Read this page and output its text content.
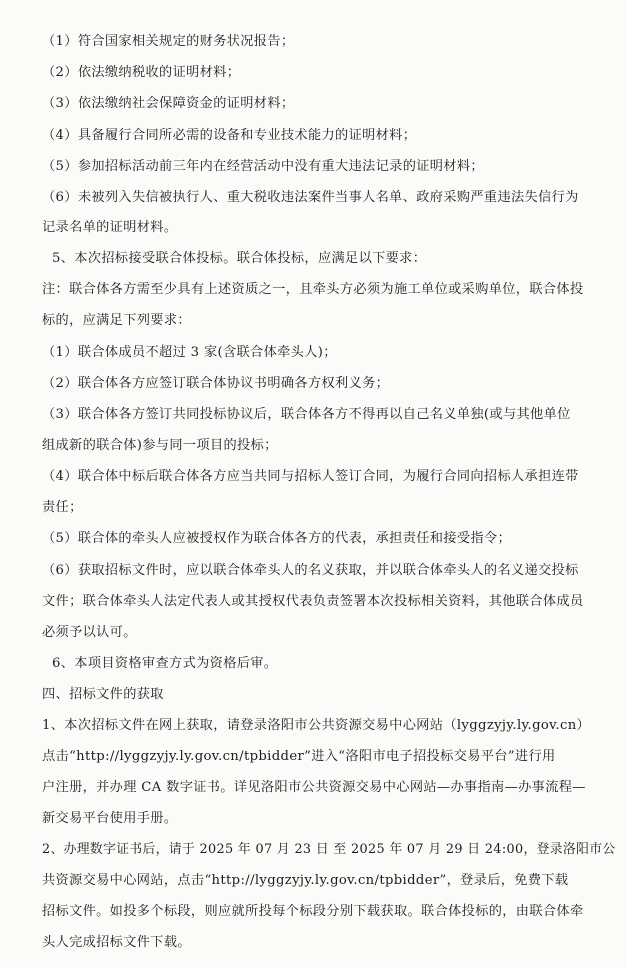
（1）符合国家相关规定的财务状况报告；

（2）依法缴纳税收的证明材料；

（3）依法缴纳社会保障资金的证明材料；

（4）具备履行合同所必需的设备和专业技术能力的证明材料；

（5）参加招标活动前三年内在经营活动中没有重大违法记录的证明材料；

（6）未被列入失信被执行人、重大税收违法案件当事人名单、政府采购严重违法失信行为

记录名单的证明材料。

5、本次招标接受联合体投标。联合体投标，应满足以下要求：

注：联合体各方需至少具有上述资质之一，且牵头方必须为施工单位或采购单位，联合体投

标的，应满足下列要求：

（1）联合体成员不超过 3 家(含联合体牵头人)；

（2）联合体各方应签订联合体协议书明确各方权利义务；

（3）联合体各方签订共同投标协议后，联合体各方不得再以自己名义单独(或与其他单位

组成新的联合体)参与同一项目的投标；

（4）联合体中标后联合体各方应当共同与招标人签订合同，为履行合同向招标人承担连带

责任；

（5）联合体的牵头人应被授权作为联合体各方的代表，承担责任和接受指令；

（6）获取招标文件时，应以联合体牵头人的名义获取，并以联合体牵头人的名义递交投标

文件；联合体牵头人法定代表人或其授权代表负责签署本次投标相关资料，其他联合体成员

必须予以认可。

6、本项目资格审查方式为资格后审。

四、招标文件的获取

1、本次招标文件在网上获取，请登录洛阳市公共资源交易中心网站（lyggzyjy.ly.gov.cn）

点击“http://lyggzyjy.ly.gov.cn/tpbidder”进入“洛阳市电子招投标交易平台”进行用

户注册，并办理 CA 数字证书。详见洛阳市公共资源交易中心网站—办事指南—办事流程—

新交易平台使用手册。

2、办理数字证书后，请于 2025 年 07 月 23 日 至 2025 年 07 月 29 日 24:00，登录洛阳市公

共资源交易中心网站，点击“http://lyggzyjy.ly.gov.cn/tpbidder”，登录后，免费下载

招标文件。如投多个标段，则应就所投每个标段分别下载获取。联合体投标的，由联合体牵

头人完成招标文件下载。
